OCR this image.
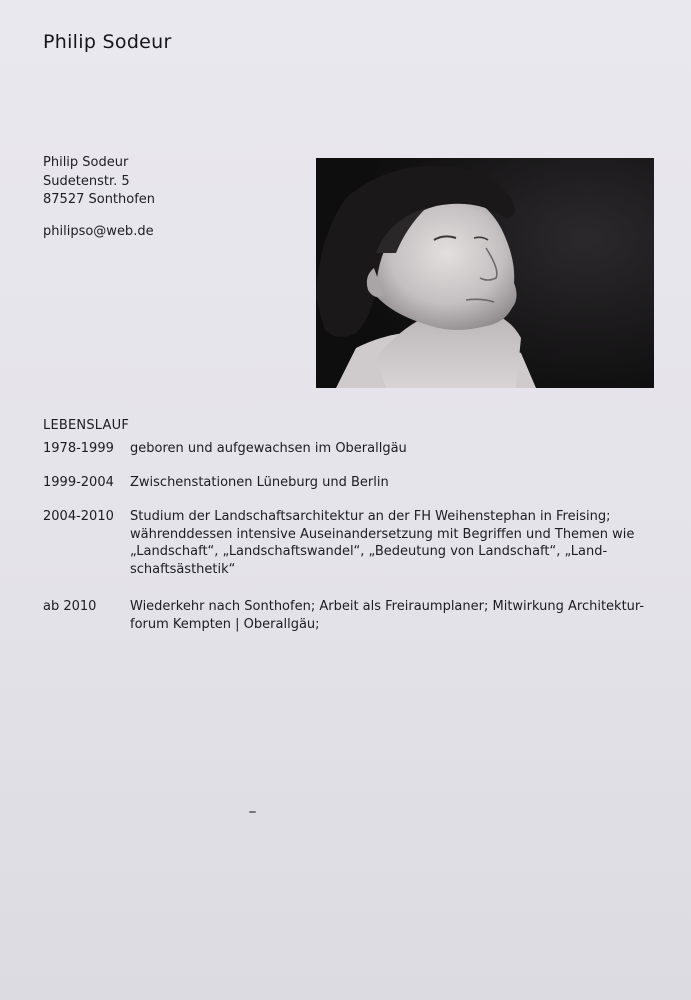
Philip Sodeur
Philip Sodeur
Sudetenstr. 5
87527 Sonthofen
philipso@web.de
LEBENSLAUF
1978-1999 geboren und aufgewachsen im Oberallgäu
1999-2004 Zwischenstationen Lüneburg und Berlin
2004-2010 Studium der Landschaftsarchitektur an der FH Weihenstephan in Freising;
währenddessen intensive Auseinandersetzung mit Begriffen und Themen wie
„Landschaft“, „Landschaftswandel“, „Bedeutung von Landschaft“, „Land-
schaftsästhetik“
ab 2010	Wiederkehr nach Sonthofen; Arbeit als Freiraumplaner; Mitwirkung Architektur-
forum Kempten | Oberallgäu;
